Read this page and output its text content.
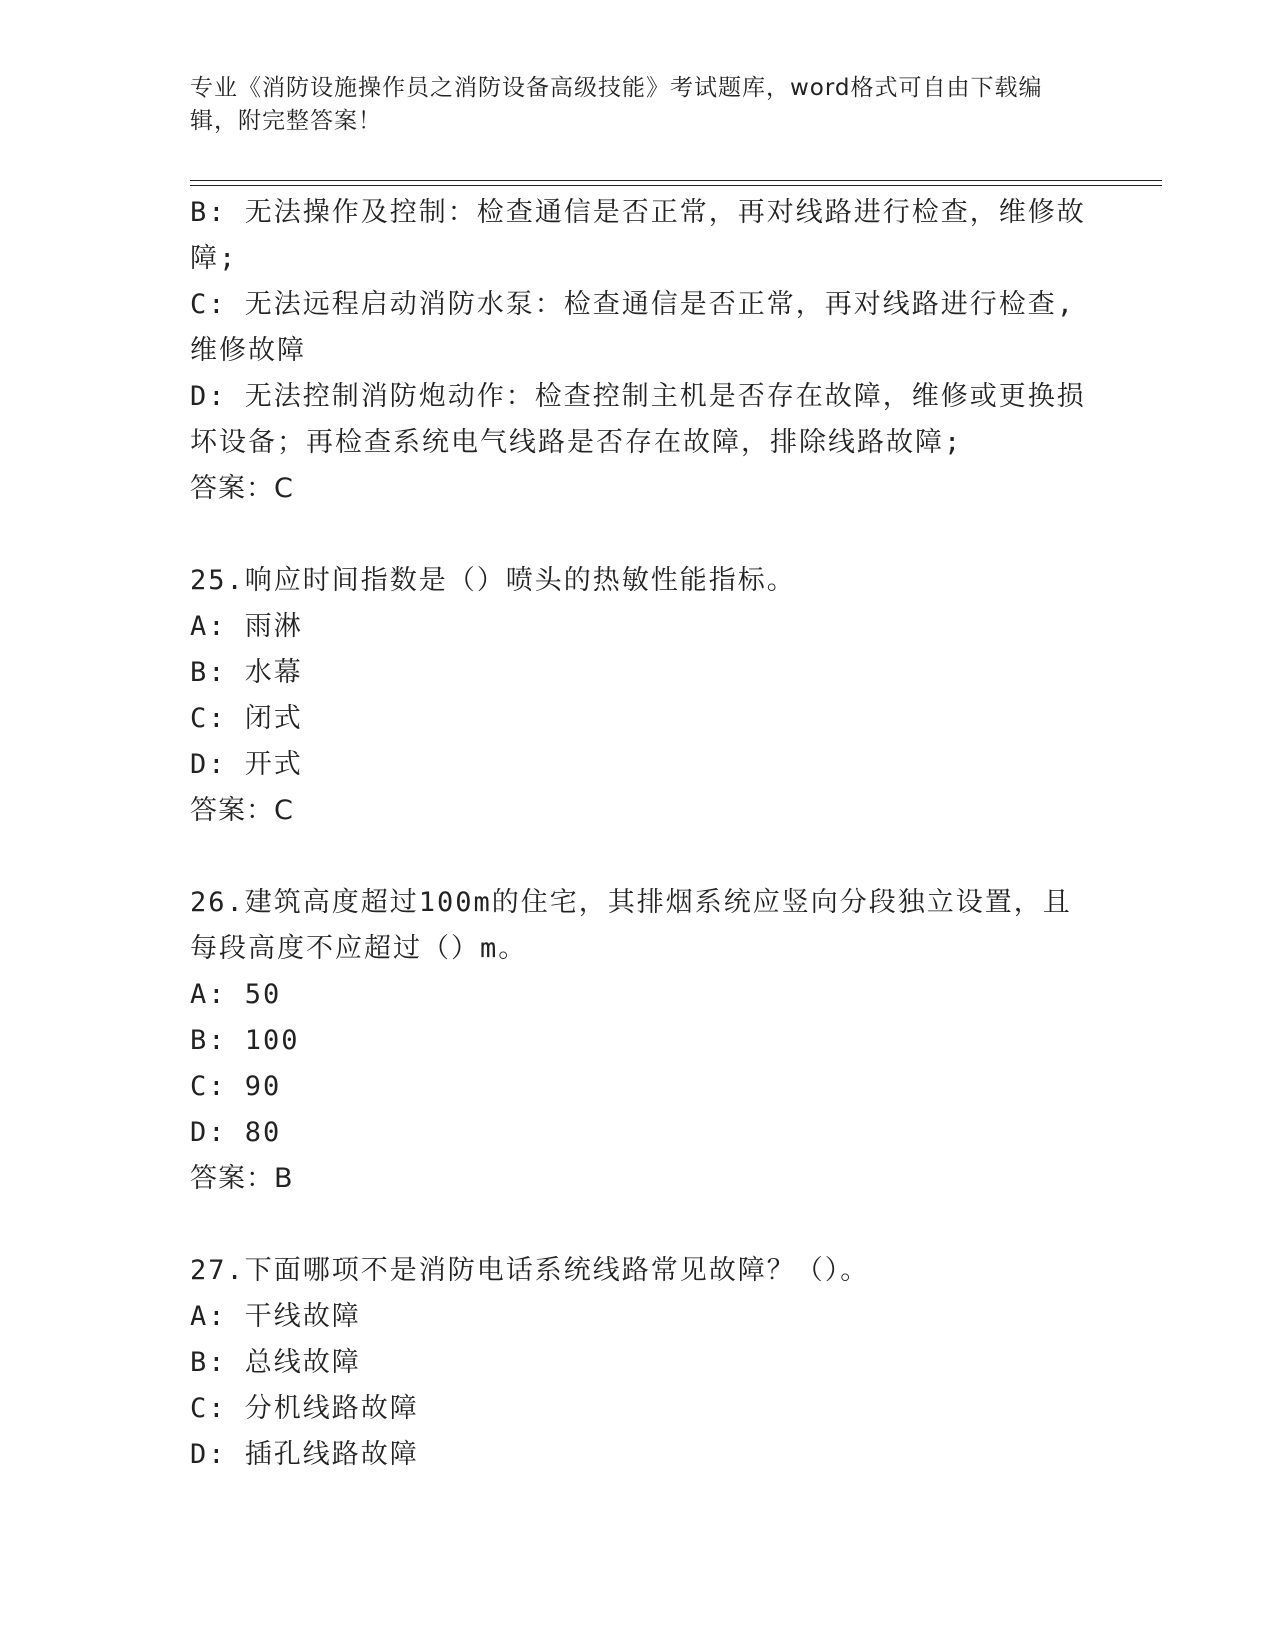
专业《消防设施操作员之消防设备高级技能》考试题库，word格式可自由下载编
辑，附完整答案！
B: 无法操作及控制：检查通信是否正常，再对线路进行检查，维修故
障;
C: 无法远程启动消防水泵：检查通信是否正常，再对线路进行检查,
维修故障
D: 无法控制消防炮动作：检查控制主机是否存在故障，维修或更换损
坏设备；再检查系统电气线路是否存在故障，排除线路故障;
答案：C
25.响应时间指数是（）喷头的热敏性能指标。
A: 雨淋
B: 水幕
C: 闭式
D: 开式
答案：C
26.建筑高度超过100m的住宅，其排烟系统应竖向分段独立设置，且
每段高度不应超过（）m。
A: 50
B: 100
C: 90
D: 80
答案：B
27.下面哪项不是消防电话系统线路常见故障？（）。
A: 干线故障
B: 总线故障
C: 分机线路故障
D: 插孔线路故障
